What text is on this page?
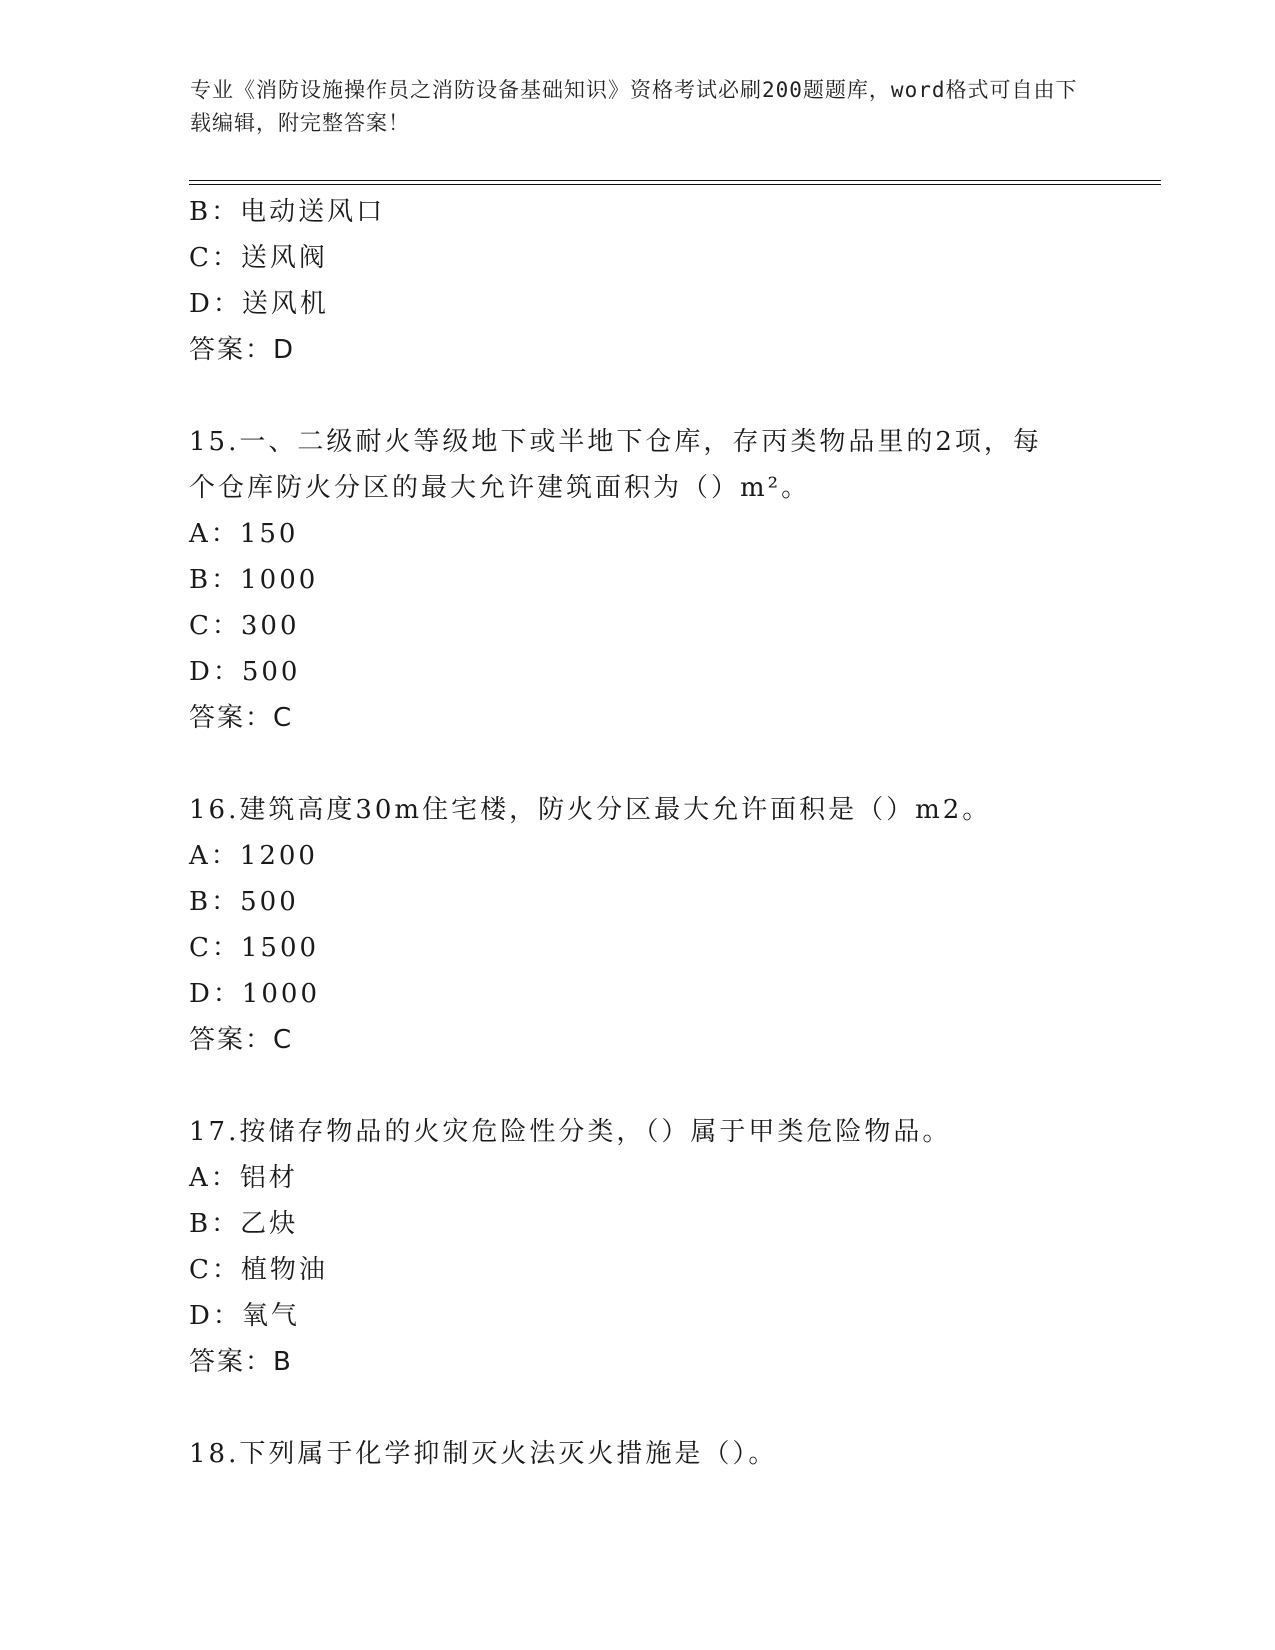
专业《消防设施操作员之消防设备基础知识》资格考试必刷200题题库，word格式可自由下载编辑，附完整答案！
B：电动送风口
C：送风阀
D：送风机
答案：D
15.一、二级耐火等级地下或半地下仓库，存丙类物品里的2项，每个仓库防火分区的最大允许建筑面积为（）m²。
A：150
B：1000
C：300
D：500
答案：C
16.建筑高度30m住宅楼，防火分区最大允许面积是（）m2。
A：1200
B：500
C：1500
D：1000
答案：C
17.按储存物品的火灾危险性分类，（）属于甲类危险物品。
A：铝材
B：乙炔
C：植物油
D：氧气
答案：B
18.下列属于化学抑制灭火法灭火措施是（）。
